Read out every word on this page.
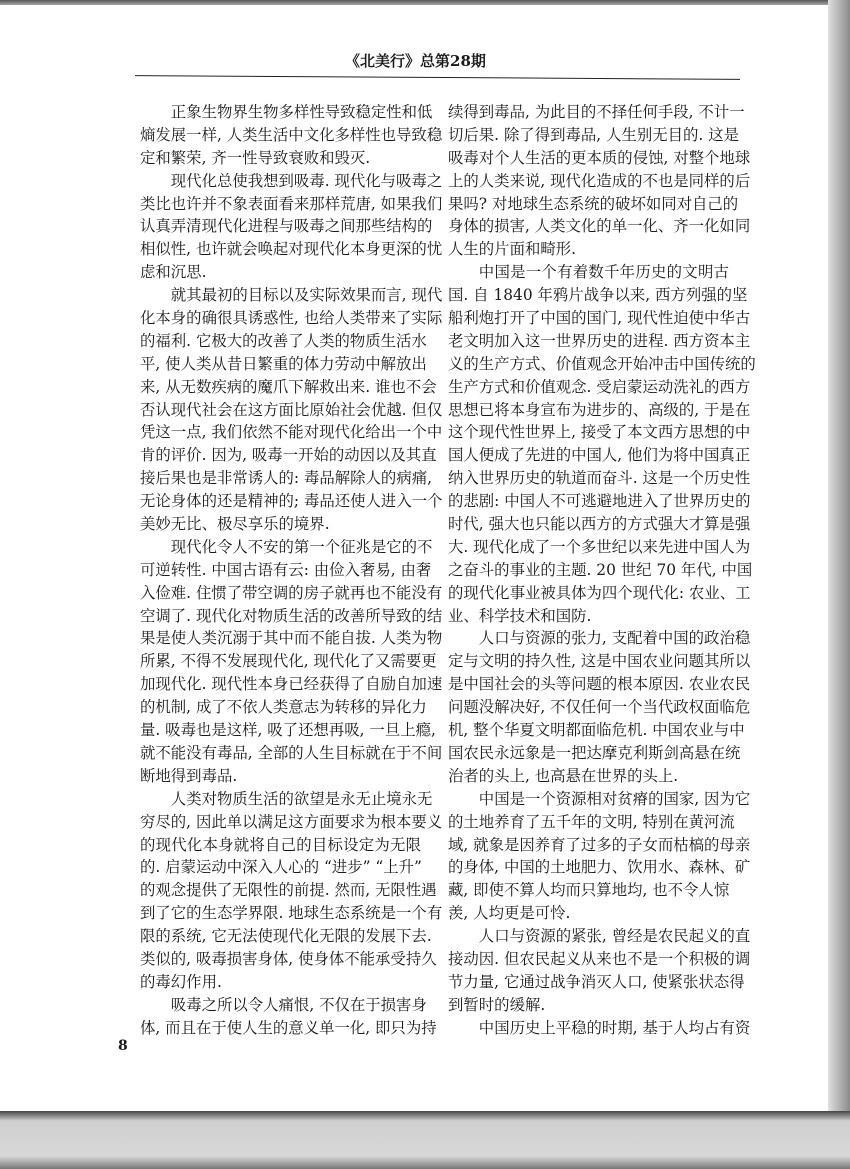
《北美行》总第28期
正象生物界生物多样性导致稳定性和低
熵发展一样, 人类生活中文化多样性也导致稳
定和繁荣, 齐一性导致衰败和毁灭.
现代化总使我想到吸毒. 现代化与吸毒之
类比也许并不象表面看来那样荒唐, 如果我们
认真弄清现代化进程与吸毒之间那些结构的
相似性, 也许就会唤起对现代化本身更深的忧
虑和沉思.
就其最初的目标以及实际效果而言, 现代
化本身的确很具诱惑性, 也给人类带来了实际
的福利. 它极大的改善了人类的物质生活水
平, 使人类从昔日繁重的体力劳动中解放出
来, 从无数疾病的魔爪下解救出来. 谁也不会
否认现代社会在这方面比原始社会优越. 但仅
凭这一点, 我们依然不能对现代化给出一个中
肯的评价. 因为, 吸毒一开始的动因以及其直
接后果也是非常诱人的: 毒品解除人的病痛,
无论身体的还是精神的; 毒品还使人进入一个
美妙无比、极尽享乐的境界.
现代化令人不安的第一个征兆是它的不
可逆转性. 中国古语有云: 由俭入奢易, 由奢
入俭难. 住惯了带空调的房子就再也不能没有
空调了. 现代化对物质生活的改善所导致的结
果是使人类沉溺于其中而不能自拔. 人类为物
所累, 不得不发展现代化, 现代化了又需要更
加现代化. 现代性本身已经获得了自励自加速
的机制, 成了不依人类意志为转移的异化力
量. 吸毒也是这样, 吸了还想再吸, 一旦上瘾,
就不能没有毒品, 全部的人生目标就在于不间
断地得到毒品.
人类对物质生活的欲望是永无止境永无
穷尽的, 因此单以满足这方面要求为根本要义
的现代化本身就将自己的目标设定为无限
的. 启蒙运动中深入人心的 “进步” “上升”
的观念提供了无限性的前提. 然而, 无限性遇
到了它的生态学界限. 地球生态系统是一个有
限的系统, 它无法使现代化无限的发展下去.
类似的, 吸毒损害身体, 使身体不能承受持久
的毒幻作用.
吸毒之所以令人痛恨, 不仅在于损害身
体, 而且在于使人生的意义单一化, 即只为持
续得到毒品, 为此目的不择任何手段, 不计一
切后果. 除了得到毒品, 人生别无目的. 这是
吸毒对个人生活的更本质的侵蚀, 对整个地球
上的人类来说, 现代化造成的不也是同样的后
果吗? 对地球生态系统的破坏如同对自己的
身体的损害, 人类文化的单一化、齐一化如同
人生的片面和畸形.
中国是一个有着数千年历史的文明古
国. 自 1840 年鸦片战争以来, 西方列强的坚
船利炮打开了中国的国门, 现代性迫使中华古
老文明加入这一世界历史的进程. 西方资本主
义的生产方式、价值观念开始冲击中国传统的
生产方式和价值观念. 受启蒙运动洗礼的西方
思想已将本身宣布为进步的、高级的, 于是在
这个现代性世界上, 接受了本文西方思想的中
国人便成了先进的中国人, 他们为将中国真正
纳入世界历史的轨道而奋斗. 这是一个历史性
的悲剧: 中国人不可逃避地进入了世界历史的
时代, 强大也只能以西方的方式强大才算是强
大. 现代化成了一个多世纪以来先进中国人为
之奋斗的事业的主题. 20 世纪 70 年代, 中国
的现代化事业被具体为四个现代化: 农业、工
业、科学技术和国防.
人口与资源的张力, 支配着中国的政治稳
定与文明的持久性, 这是中国农业问题其所以
是中国社会的头等问题的根本原因. 农业农民
问题没解决好, 不仅任何一个当代政权面临危
机, 整个华夏文明都面临危机. 中国农业与中
国农民永远象是一把达摩克利斯剑高悬在统
治者的头上, 也高悬在世界的头上.
中国是一个资源相对贫瘠的国家, 因为它
的土地养育了五千年的文明, 特别在黄河流
域, 就象是因养育了过多的子女而枯槁的母亲
的身体, 中国的土地肥力、饮用水、森林、矿
藏, 即使不算人均而只算地均, 也不令人惊
羡, 人均更是可怜.
人口与资源的紧张, 曾经是农民起义的直
接动因. 但农民起义从来也不是一个积极的调
节力量, 它通过战争消灭人口, 使紧张状态得
到暂时的缓解.
中国历史上平稳的时期, 基于人均占有资
8
